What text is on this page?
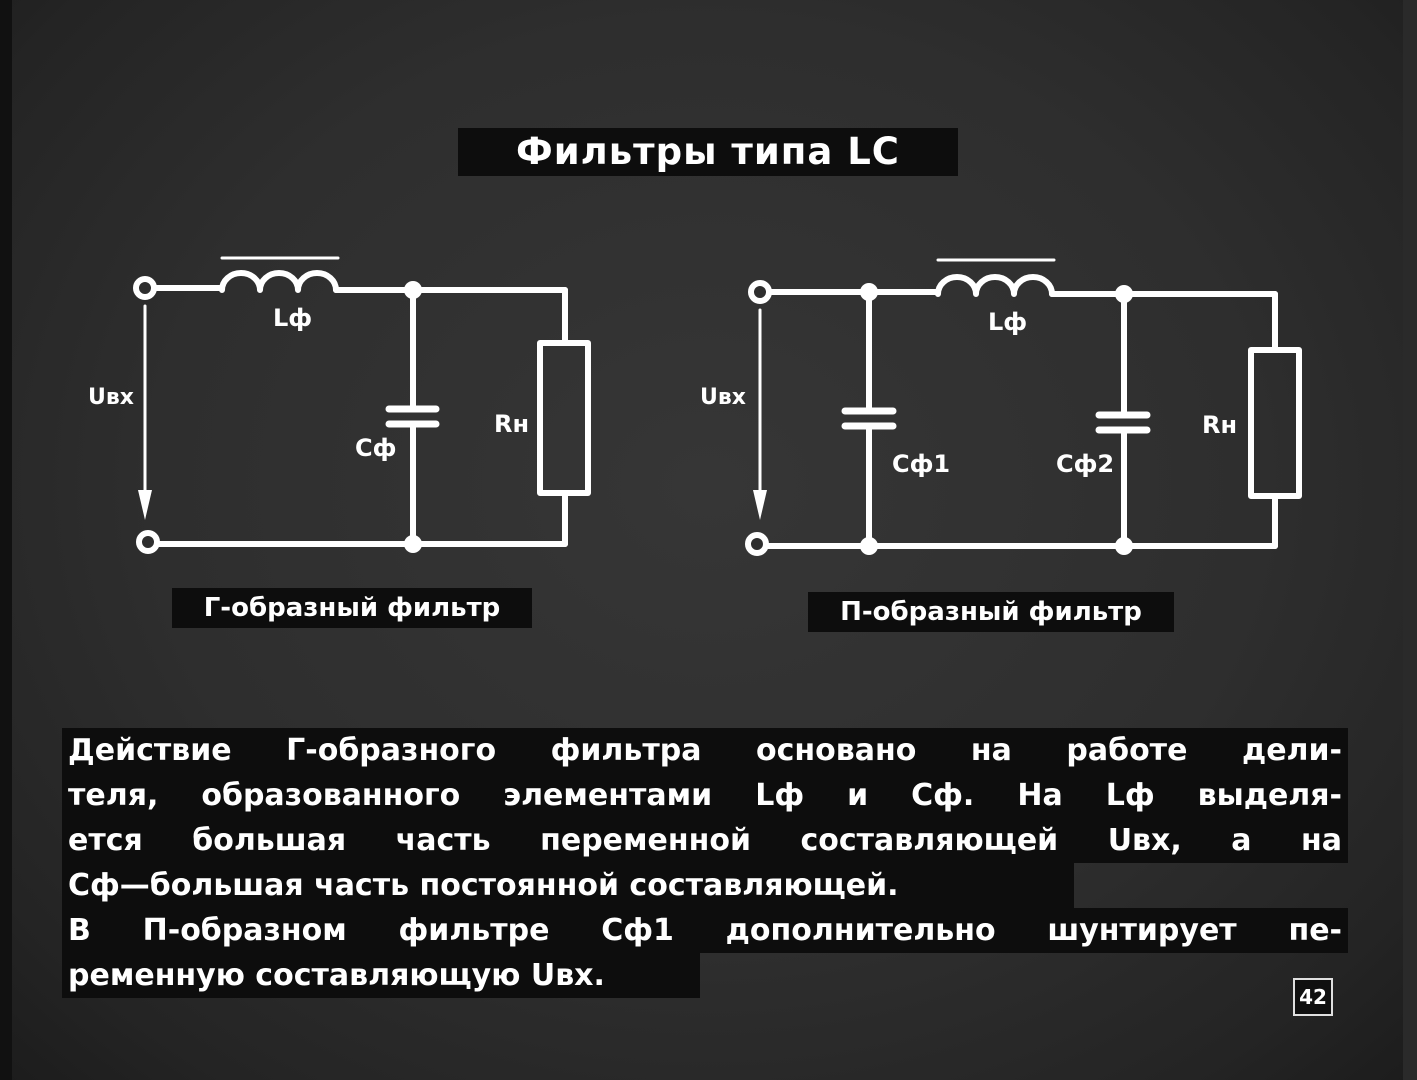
Фильтры типа LC
Uвх
Lф
Cф
Rн
Uвх
Lф
Cф1	Cф2
Rн
Г-образный фильтр	П-образный фильтр
Действие Г-образного фильтра основано на работе дели-
теля, образованного элементами Lф и Cф. На Lф выделя-
ется большая часть переменной составляющей Uвх, а на
Cф—большая часть постоянной составляющей.
В П-образном фильтре Cф1 дополнительно шунтирует пе-
ременную составляющую Uвх.
42
